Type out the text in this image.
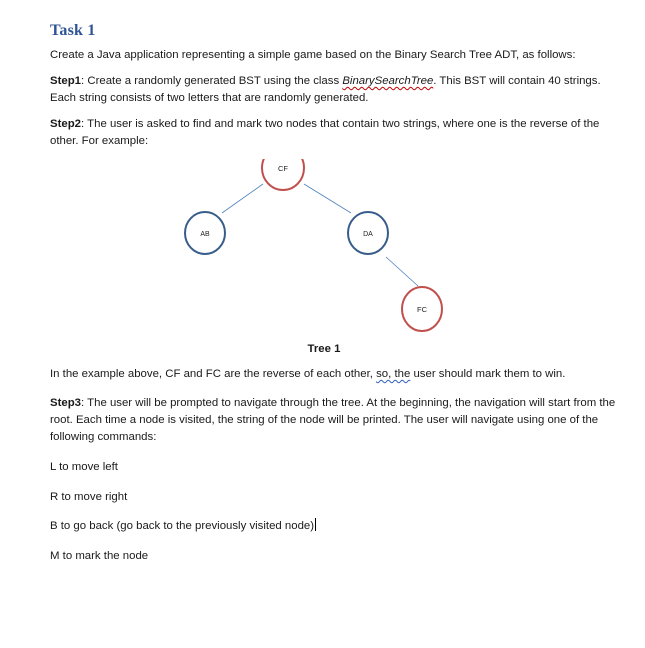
Task 1

Create a Java application representing a simple game based on the Binary Search Tree ADT, as follows:

Step1: Create a randomly generated BST using the class BinarySearchTree. This BST will contain 40 strings. Each string consists of two letters that are randomly generated.

Step2: The user is asked to find and mark two nodes that contain two strings, where one is the reverse of the other. For example:

CF
AB	DA
FC
Tree 1

In the example above, CF and FC are the reverse of each other, so, the user should mark them to win.

Step3: The user will be prompted to navigate through the tree. At the beginning, the navigation will start from the root. Each time a node is visited, the string of the node will be printed. The user will navigate using one of the following commands:

L to move left

R to move right

B to go back (go back to the previously visited node)

M to mark the node
